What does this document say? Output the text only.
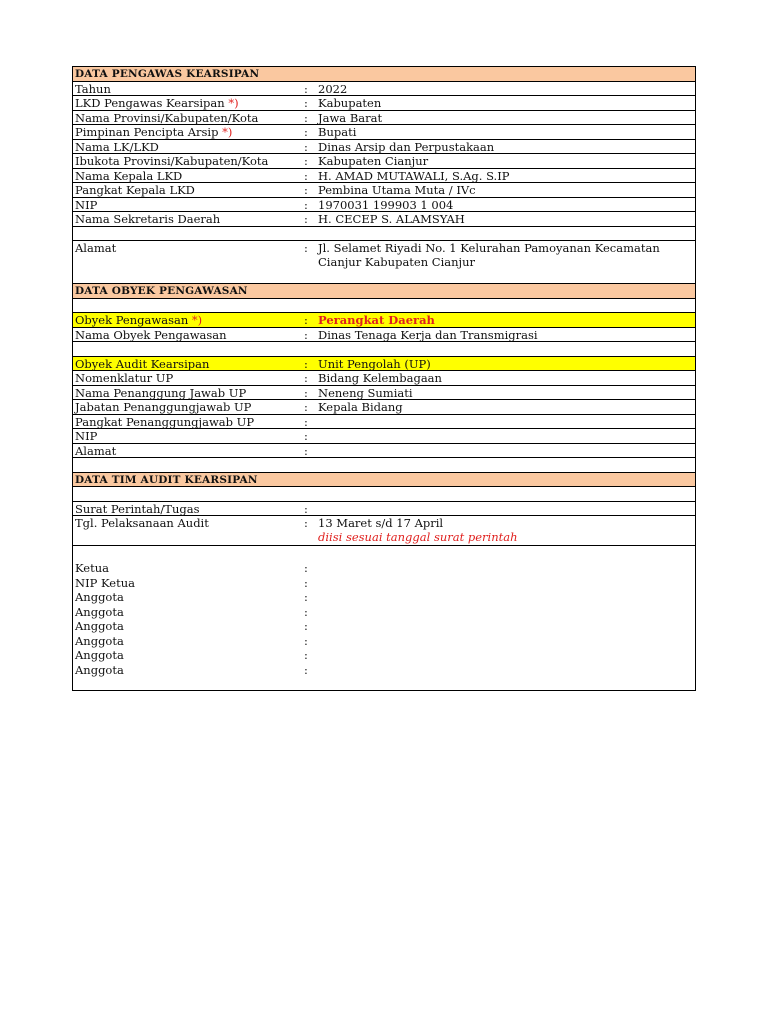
DATA PENGAWAS KEARSIPAN
Tahun	: 2022
LKD Pengawas Kearsipan *)	: Kabupaten
Nama Provinsi/Kabupaten/Kota	: Jawa Barat
Pimpinan Pencipta Arsip *)	: Bupati
Nama LK/LKD	: Dinas Arsip dan Perpustakaan
Ibukota Provinsi/Kabupaten/Kota	: Kabupaten Cianjur
Nama Kepala LKD	: H. AMAD MUTAWALI, S.Ag. S.IP
Pangkat Kepala LKD	: Pembina Utama Muta / IVc
NIP	: 1970031 199903 1 004
Nama Sekretaris Daerah	: H. CECEP S. ALAMSYAH
Alamat	: Jl. Selamet Riyadi No. 1 Kelurahan Pamoyanan Kecamatan Cianjur Kabupaten Cianjur
DATA OBYEK PENGAWASAN
Obyek Pengawasan *)	: Perangkat Daerah
Nama Obyek Pengawasan	: Dinas Tenaga Kerja dan Transmigrasi
Obyek Audit Kearsipan	: Unit Pengolah (UP)
Nomenklatur UP	: Bidang Kelembagaan
Nama Penanggung Jawab UP	: Neneng Sumiati
Jabatan Penanggungjawab UP	: Kepala Bidang
Pangkat Penanggungjawab UP	:
NIP	:
Alamat	:
DATA TIM AUDIT KEARSIPAN
Surat Perintah/Tugas	:
Tgl. Pelaksanaan Audit	: 13 Maret s/d 17 April
diisi sesuai tanggal surat perintah
Ketua	:
NIP Ketua	:
Anggota	:
Anggota	:
Anggota	:
Anggota	:
Anggota	:
Anggota	:
